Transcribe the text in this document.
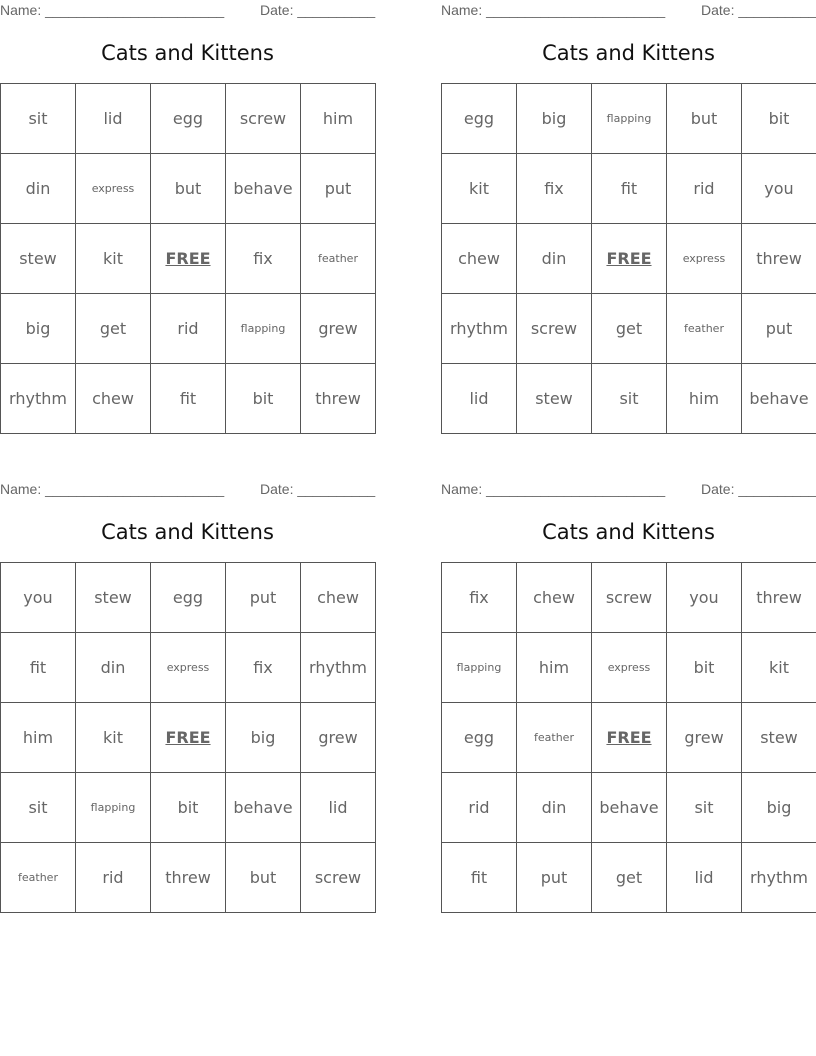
Name: _______________________	Date: __________
Cats and Kittens
sit	lid	egg	screw	him
din	express	but	behave	put
stew	kit	FREE	fix	feather
big	get	rid	flapping	grew
rhythm	chew	fit	bit	threw
Name: _______________________	Date: __________
Cats and Kittens
egg	big	flapping	but	bit
kit	fix	fit	rid	you
chew	din	FREE	express	threw
rhythm	screw	get	feather	put
lid	stew	sit	him	behave
Name: _______________________	Date: __________
Cats and Kittens
you	stew	egg	put	chew
fit	din	express	fix	rhythm
him	kit	FREE	big	grew
sit	flapping	bit	behave	lid
feather	rid	threw	but	screw
Name: _______________________	Date: __________
Cats and Kittens
fix	chew	screw	you	threw
flapping	him	express	bit	kit
egg	feather	FREE	grew	stew
rid	din	behave	sit	big
fit	put	get	lid	rhythm
